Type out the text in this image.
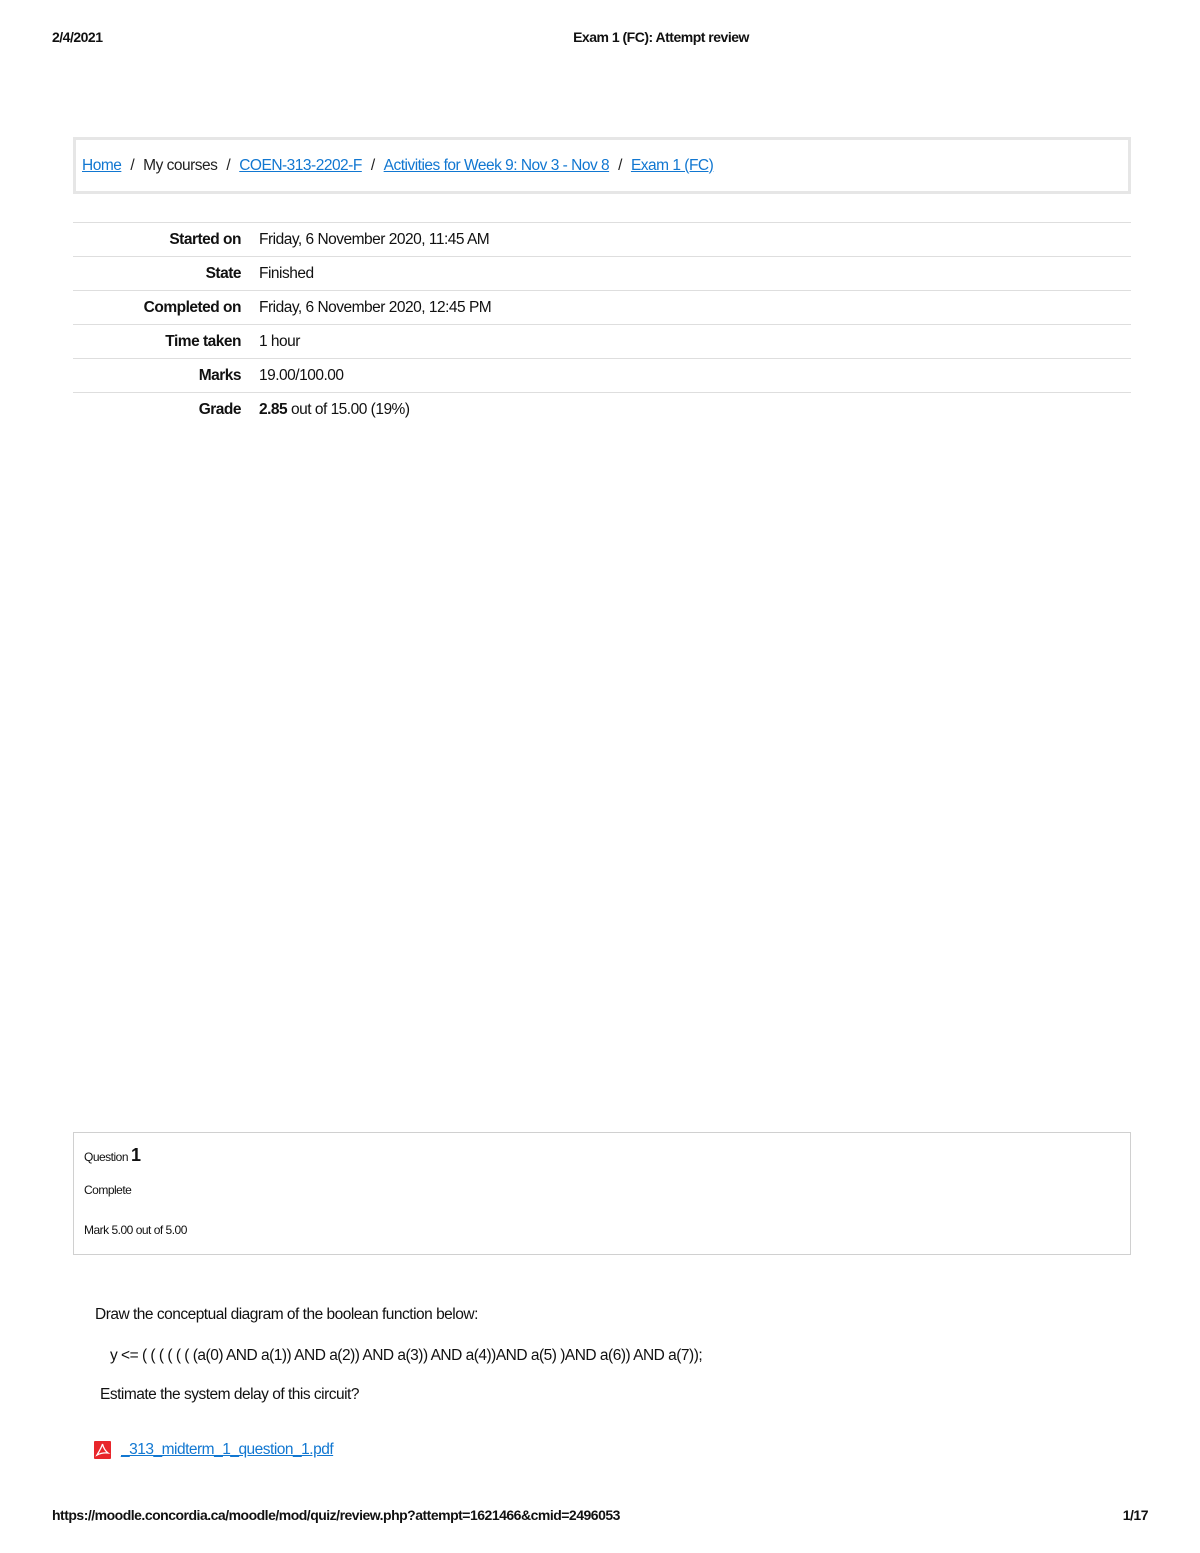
2/4/2021	Exam 1 (FC): Attempt review
Home / My courses / COEN-313-2202-F / Activities for Week 9: Nov 3 - Nov 8 / Exam 1 (FC)
Started on	Friday, 6 November 2020, 11:45 AM
State	Finished
Completed on	Friday, 6 November 2020, 12:45 PM
Time taken	1 hour
Marks	19.00/100.00
Grade	2.85 out of 15.00 (19%)
Question 1
Complete
Mark 5.00 out of 5.00
Draw the conceptual diagram of the boolean function below:
y <= ( ( ( ( ( ( (a(0) AND a(1)) AND a(2)) AND a(3)) AND a(4))AND a(5) )AND a(6)) AND a(7));
Estimate the system delay of this circuit?
_313_midterm_1_question_1.pdf
https://moodle.concordia.ca/moodle/mod/quiz/review.php?attempt=1621466&cmid=2496053	1/17
